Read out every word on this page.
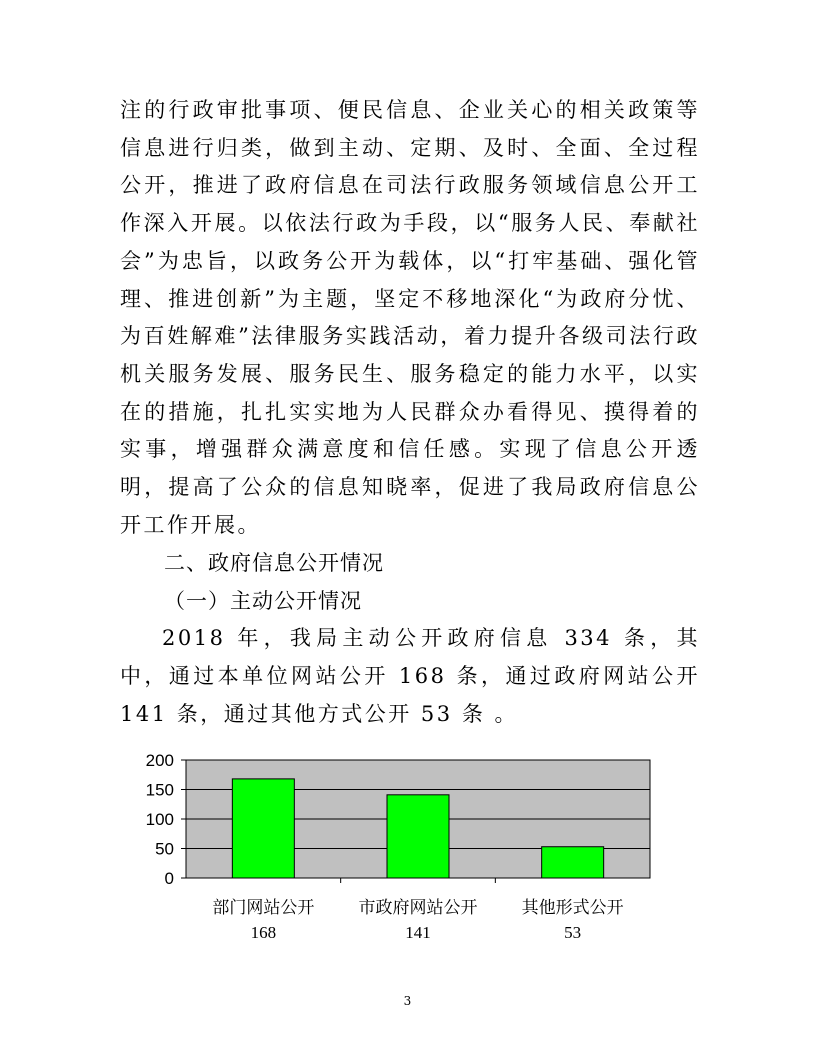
注的行政审批事项、便民信息、企业关心的相关政策等信息进行归类，做到主动、定期、及时、全面、全过程公开，推进了政府信息在司法行政服务领域信息公开工作深入开展。以依法行政为手段，以“服务人民、奉献社会”为忠旨，以政务公开为载体，以“打牢基础、强化管理、推进创新”为主题，坚定不移地深化“为政府分忧、为百姓解难”法律服务实践活动，着力提升各级司法行政机关服务发展、服务民生、服务稳定的能力水平，以实在的措施，扎扎实实地为人民群众办看得见、摸得着的实事，增强群众满意度和信任感。实现了信息公开透明，提高了公众的信息知晓率，促进了我局政府信息公开工作开展。

二、政府信息公开情况

（一）主动公开情况

2018 年，我局主动公开政府信息 334 条，其中，通过本单位网站公开 168 条，通过政府网站公开 141 条，通过其他方式公开 53 条 。

0
50
100
150
200
部门网站公开
168
市政府网站公开
141
其他形式公开
53
3
